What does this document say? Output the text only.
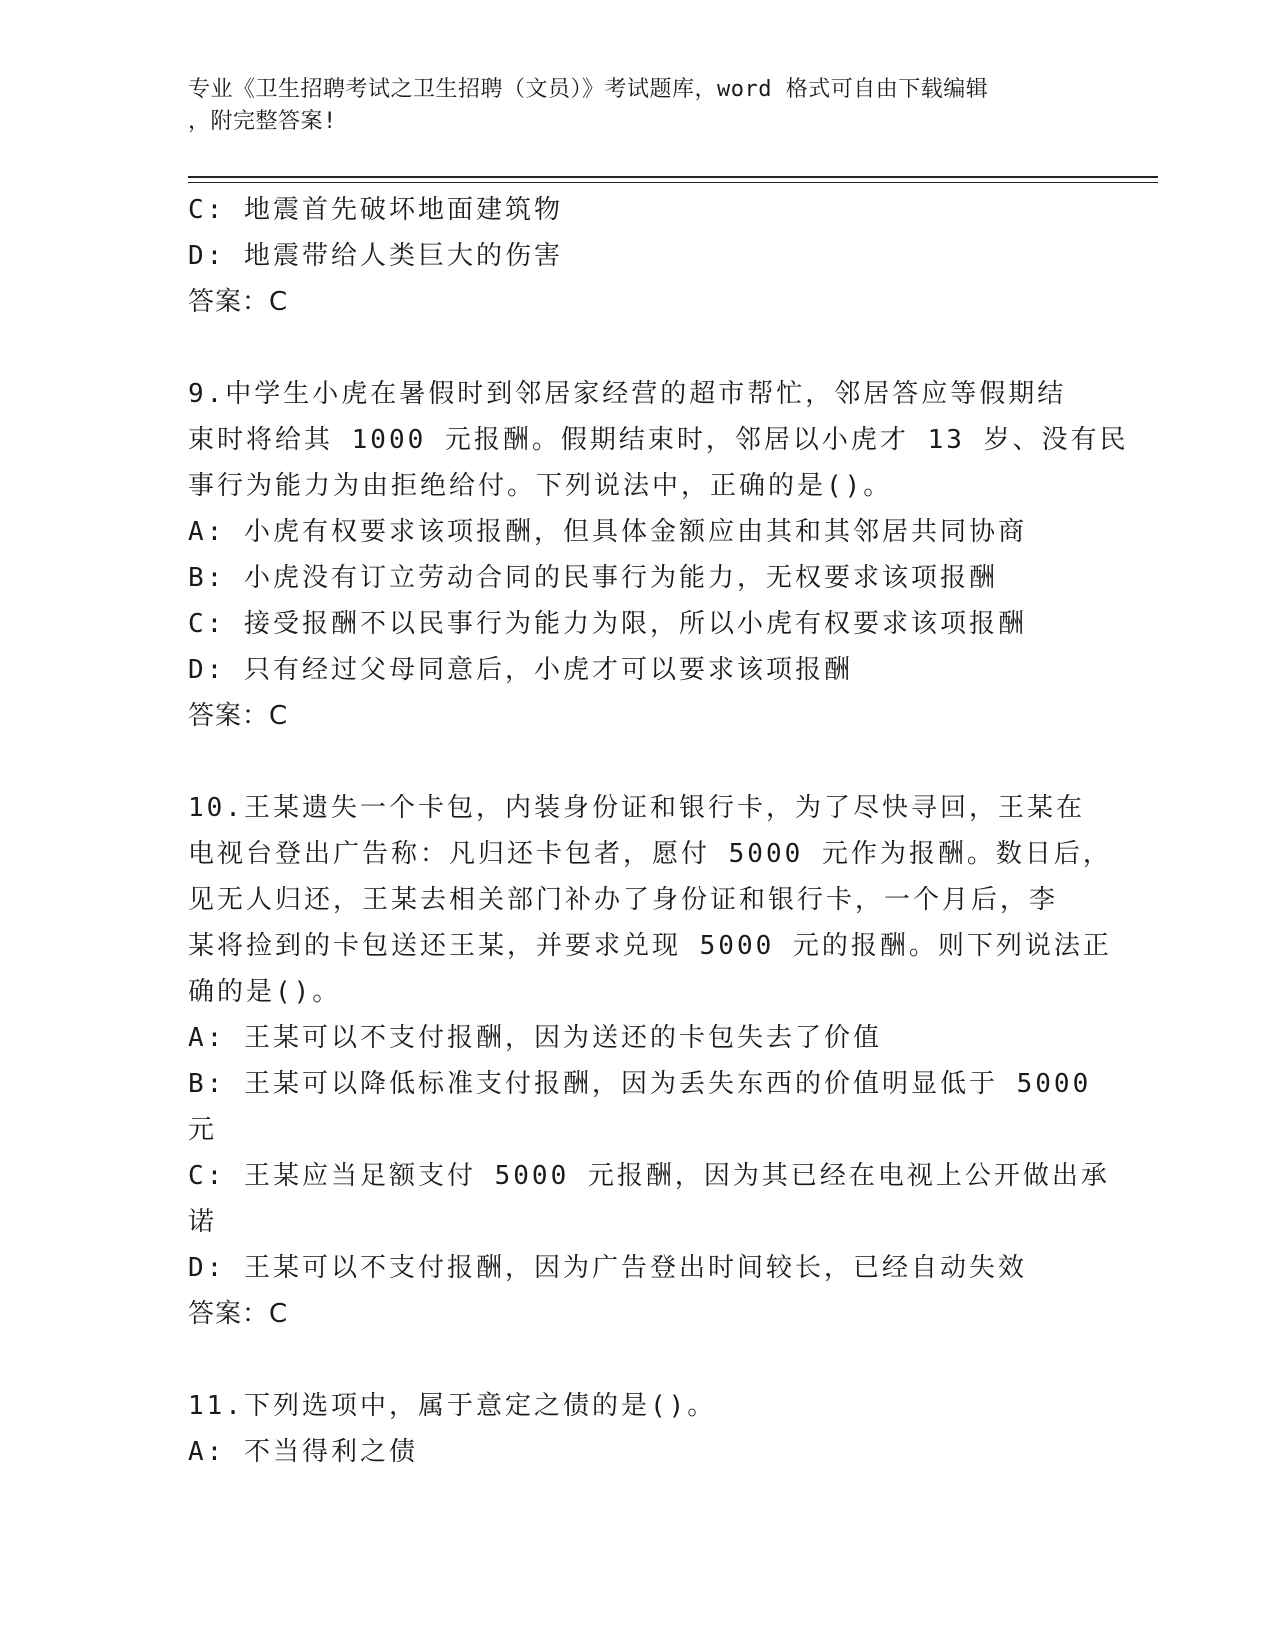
专业《卫生招聘考试之卫生招聘（文员）》考试题库，word 格式可自由下载编辑
，附完整答案!
C: 地震首先破坏地面建筑物
D: 地震带给人类巨大的伤害
答案：C
9.中学生小虎在暑假时到邻居家经营的超市帮忙，邻居答应等假期结
束时将给其 1000 元报酬。假期结束时，邻居以小虎才 13 岁、没有民
事行为能力为由拒绝给付。下列说法中，正确的是()。
A: 小虎有权要求该项报酬，但具体金额应由其和其邻居共同协商
B: 小虎没有订立劳动合同的民事行为能力，无权要求该项报酬
C: 接受报酬不以民事行为能力为限，所以小虎有权要求该项报酬
D: 只有经过父母同意后，小虎才可以要求该项报酬
答案：C
10.王某遗失一个卡包，内装身份证和银行卡，为了尽快寻回，王某在
电视台登出广告称：凡归还卡包者，愿付 5000 元作为报酬。数日后，
见无人归还，王某去相关部门补办了身份证和银行卡，一个月后，李
某将捡到的卡包送还王某，并要求兑现 5000 元的报酬。则下列说法正
确的是()。
A: 王某可以不支付报酬，因为送还的卡包失去了价值
B: 王某可以降低标准支付报酬，因为丢失东西的价值明显低于 5000
元
C: 王某应当足额支付 5000 元报酬，因为其已经在电视上公开做出承
诺
D: 王某可以不支付报酬，因为广告登出时间较长，已经自动失效
答案：C
11.下列选项中，属于意定之债的是()。
A: 不当得利之债
